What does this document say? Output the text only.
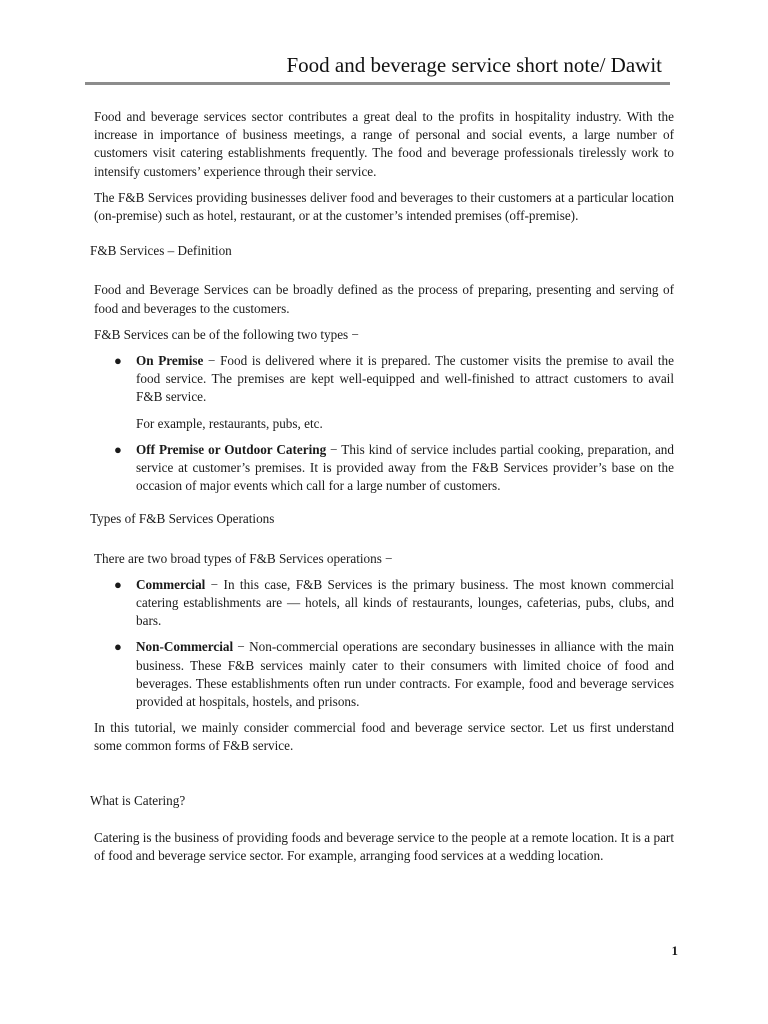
Food and beverage service short note/ Dawit

Food and beverage services sector contributes a great deal to the profits in hospitality industry. With the increase in importance of business meetings, a range of personal and social events, a large number of customers visit catering establishments frequently. The food and beverage professionals tirelessly work to intensify customers’ experience through their service.

The F&B Services providing businesses deliver food and beverages to their customers at a particular location (on-premise) such as hotel, restaurant, or at the customer’s intended premises (off-premise).

F&B Services – Definition

Food and Beverage Services can be broadly defined as the process of preparing, presenting and serving of food and beverages to the customers.

F&B Services can be of the following two types −

● On Premise − Food is delivered where it is prepared. The customer visits the premise to avail the food service. The premises are kept well-equipped and well-finished to attract customers to avail F&B service.

For example, restaurants, pubs, etc.

● Off Premise or Outdoor Catering − This kind of service includes partial cooking, preparation, and service at customer’s premises. It is provided away from the F&B Services provider’s base on the occasion of major events which call for a large number of customers.

Types of F&B Services Operations

There are two broad types of F&B Services operations −

● Commercial − In this case, F&B Services is the primary business. The most known commercial catering establishments are — hotels, all kinds of restaurants, lounges, cafeterias, pubs, clubs, and bars.

● Non-Commercial − Non-commercial operations are secondary businesses in alliance with the main business. These F&B services mainly cater to their consumers with limited choice of food and beverages. These establishments often run under contracts. For example, food and beverage services provided at hospitals, hostels, and prisons.

In this tutorial, we mainly consider commercial food and beverage service sector. Let us first understand some common forms of F&B service.

What is Catering?

Catering is the business of providing foods and beverage service to the people at a remote location. It is a part of food and beverage service sector. For example, arranging food services at a wedding location.

1
